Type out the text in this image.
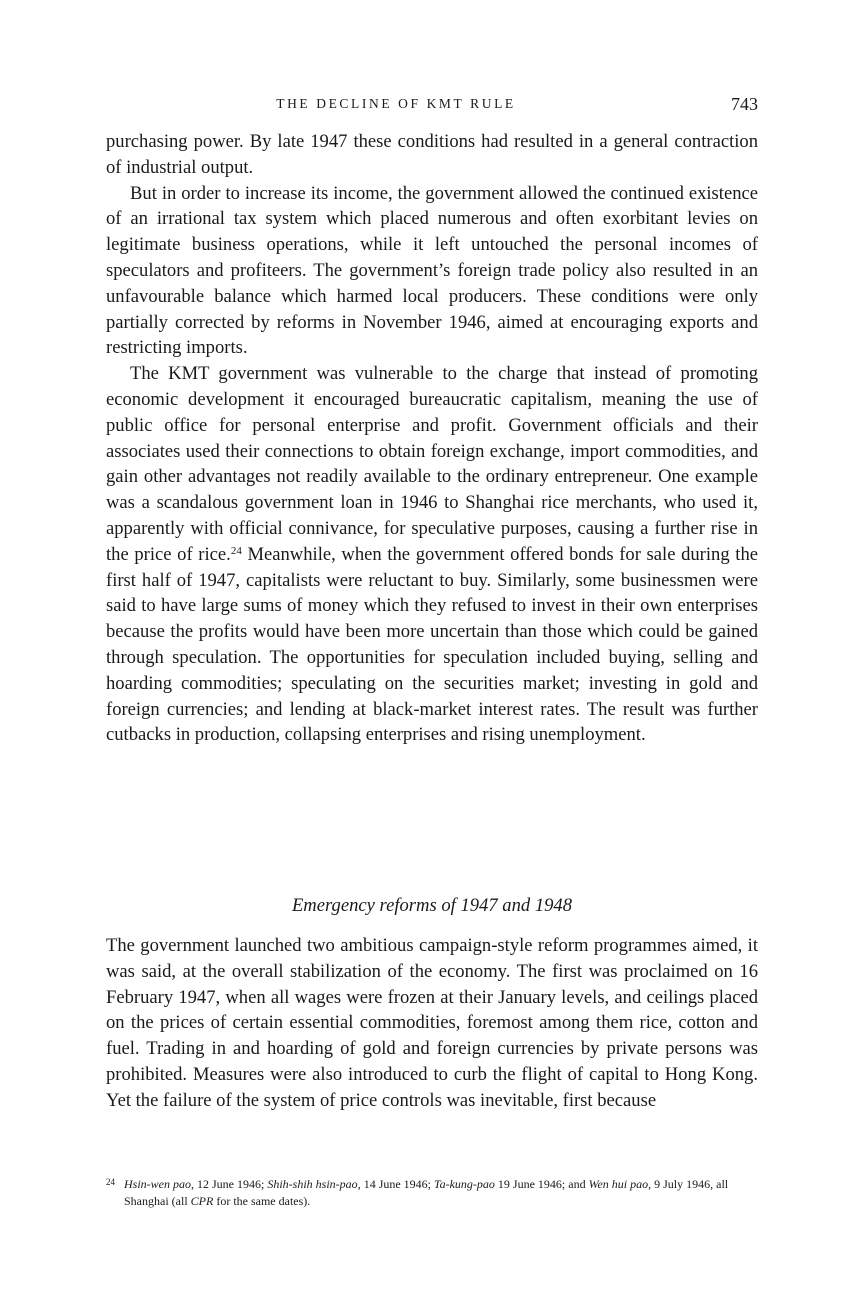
THE DECLINE OF KMT RULE	743

purchasing power. By late 1947 these conditions had resulted in a general contraction of industrial output.

But in order to increase its income, the government allowed the continued existence of an irrational tax system which placed numerous and often exorbitant levies on legitimate business operations, while it left untouched the personal incomes of speculators and profiteers. The government’s foreign trade policy also resulted in an unfavourable balance which harmed local producers. These conditions were only partially corrected by reforms in November 1946, aimed at encouraging exports and restricting imports.

The KMT government was vulnerable to the charge that instead of promoting economic development it encouraged bureaucratic capitalism, meaning the use of public office for personal enterprise and profit. Government officials and their associates used their connections to obtain foreign exchange, import commodities, and gain other advantages not readily available to the ordinary entrepreneur. One example was a scandalous government loan in 1946 to Shanghai rice merchants, who used it, apparently with official connivance, for speculative purposes, causing a further rise in the price of rice.$^{24}$ Meanwhile, when the government offered bonds for sale during the first half of 1947, capitalists were reluctant to buy. Similarly, some businessmen were said to have large sums of money which they refused to invest in their own enterprises because the profits would have been more uncertain than those which could be gained through speculation. The opportunities for speculation included buying, selling and hoarding commodities; speculating on the securities market; investing in gold and foreign currencies; and lending at black-market interest rates. The result was further cutbacks in production, collapsing enterprises and rising unemployment.

Emergency reforms of 1947 and 1948

The government launched two ambitious campaign-style reform programmes aimed, it was said, at the overall stabilization of the economy. The first was proclaimed on 16 February 1947, when all wages were frozen at their January levels, and ceilings placed on the prices of certain essential commodities, foremost among them rice, cotton and fuel. Trading in and hoarding of gold and foreign currencies by private persons was prohibited. Measures were also introduced to curb the flight of capital to Hong Kong. Yet the failure of the system of price controls was inevitable, first because

24 Hsin-wen pao, 12 June 1946; Shih-shih hsin-pao, 14 June 1946; Ta-kung-pao 19 June 1946; and Wen hui pao, 9 July 1946, all Shanghai (all CPR for the same dates).
